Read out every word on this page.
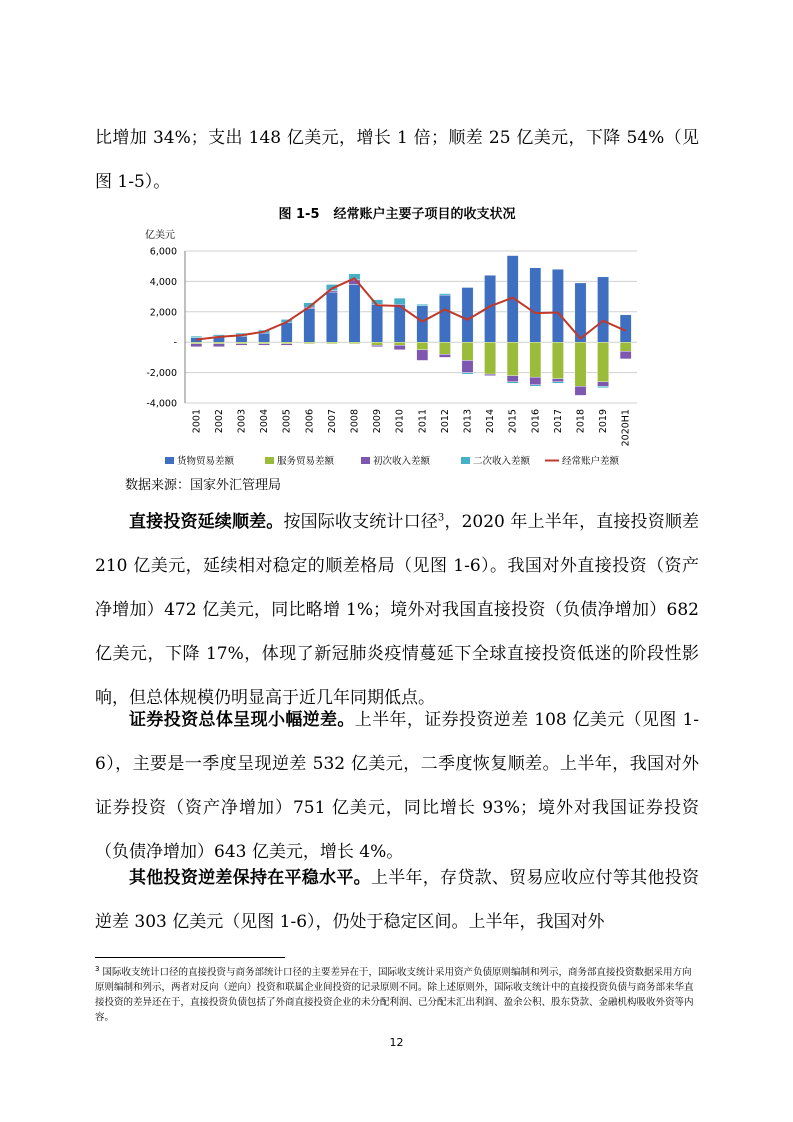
比增加 34%；支出 148 亿美元，增长 1 倍；顺差 25 亿美元，下降 54%（见图 1-5）。

图 1-5 经常账户主要子项目的收支状况
亿美元
-4,000
-2,000
-
2,000
4,000
6,000
2001 2002 2003 2004 2005 2006 2007 2008 2009 2010 2011 2012 2013 2014 2015 2016 2017 2018 2019 2020H1
货物贸易差额	服务贸易差额	初次收入差额	二次收入差额	经常账户差额
数据来源：国家外汇管理局

直接投资延续顺差。按国际收支统计口径$^3$，2020 年上半年，直接投资顺差 210 亿美元，延续相对稳定的顺差格局（见图 1-6）。我国对外直接投资（资产净增加）472 亿美元，同比略增 1%；境外对我国直接投资（负债净增加）682 亿美元，下降 17%，体现了新冠肺炎疫情蔓延下全球直接投资低迷的阶段性影响，但总体规模仍明显高于近几年同期低点。

证券投资总体呈现小幅逆差。上半年，证券投资逆差 108 亿美元（见图 1-6），主要是一季度呈现逆差 532 亿美元，二季度恢复顺差。上半年，我国对外证券投资（资产净增加）751 亿美元，同比增长 93%；境外对我国证券投资（负债净增加）643 亿美元，增长 4%。

其他投资逆差保持在平稳水平。上半年，存贷款、贸易应收应付等其他投资逆差 303 亿美元（见图 1-6），仍处于稳定区间。上半年，我国对外

$^3$ 国际收支统计口径的直接投资与商务部统计口径的主要差异在于，国际收支统计采用资产负债原则编制和列示，商务部直接投资数据采用方向原则编制和列示，两者对反向（逆向）投资和联属企业间投资的记录原则不同。除上述原则外，国际收支统计中的直接投资负债与商务部来华直接投资的差异还在于，直接投资负债包括了外商直接投资企业的未分配利润、已分配未汇出利润、盈余公积、股东贷款、金融机构吸收外资等内容。

12
